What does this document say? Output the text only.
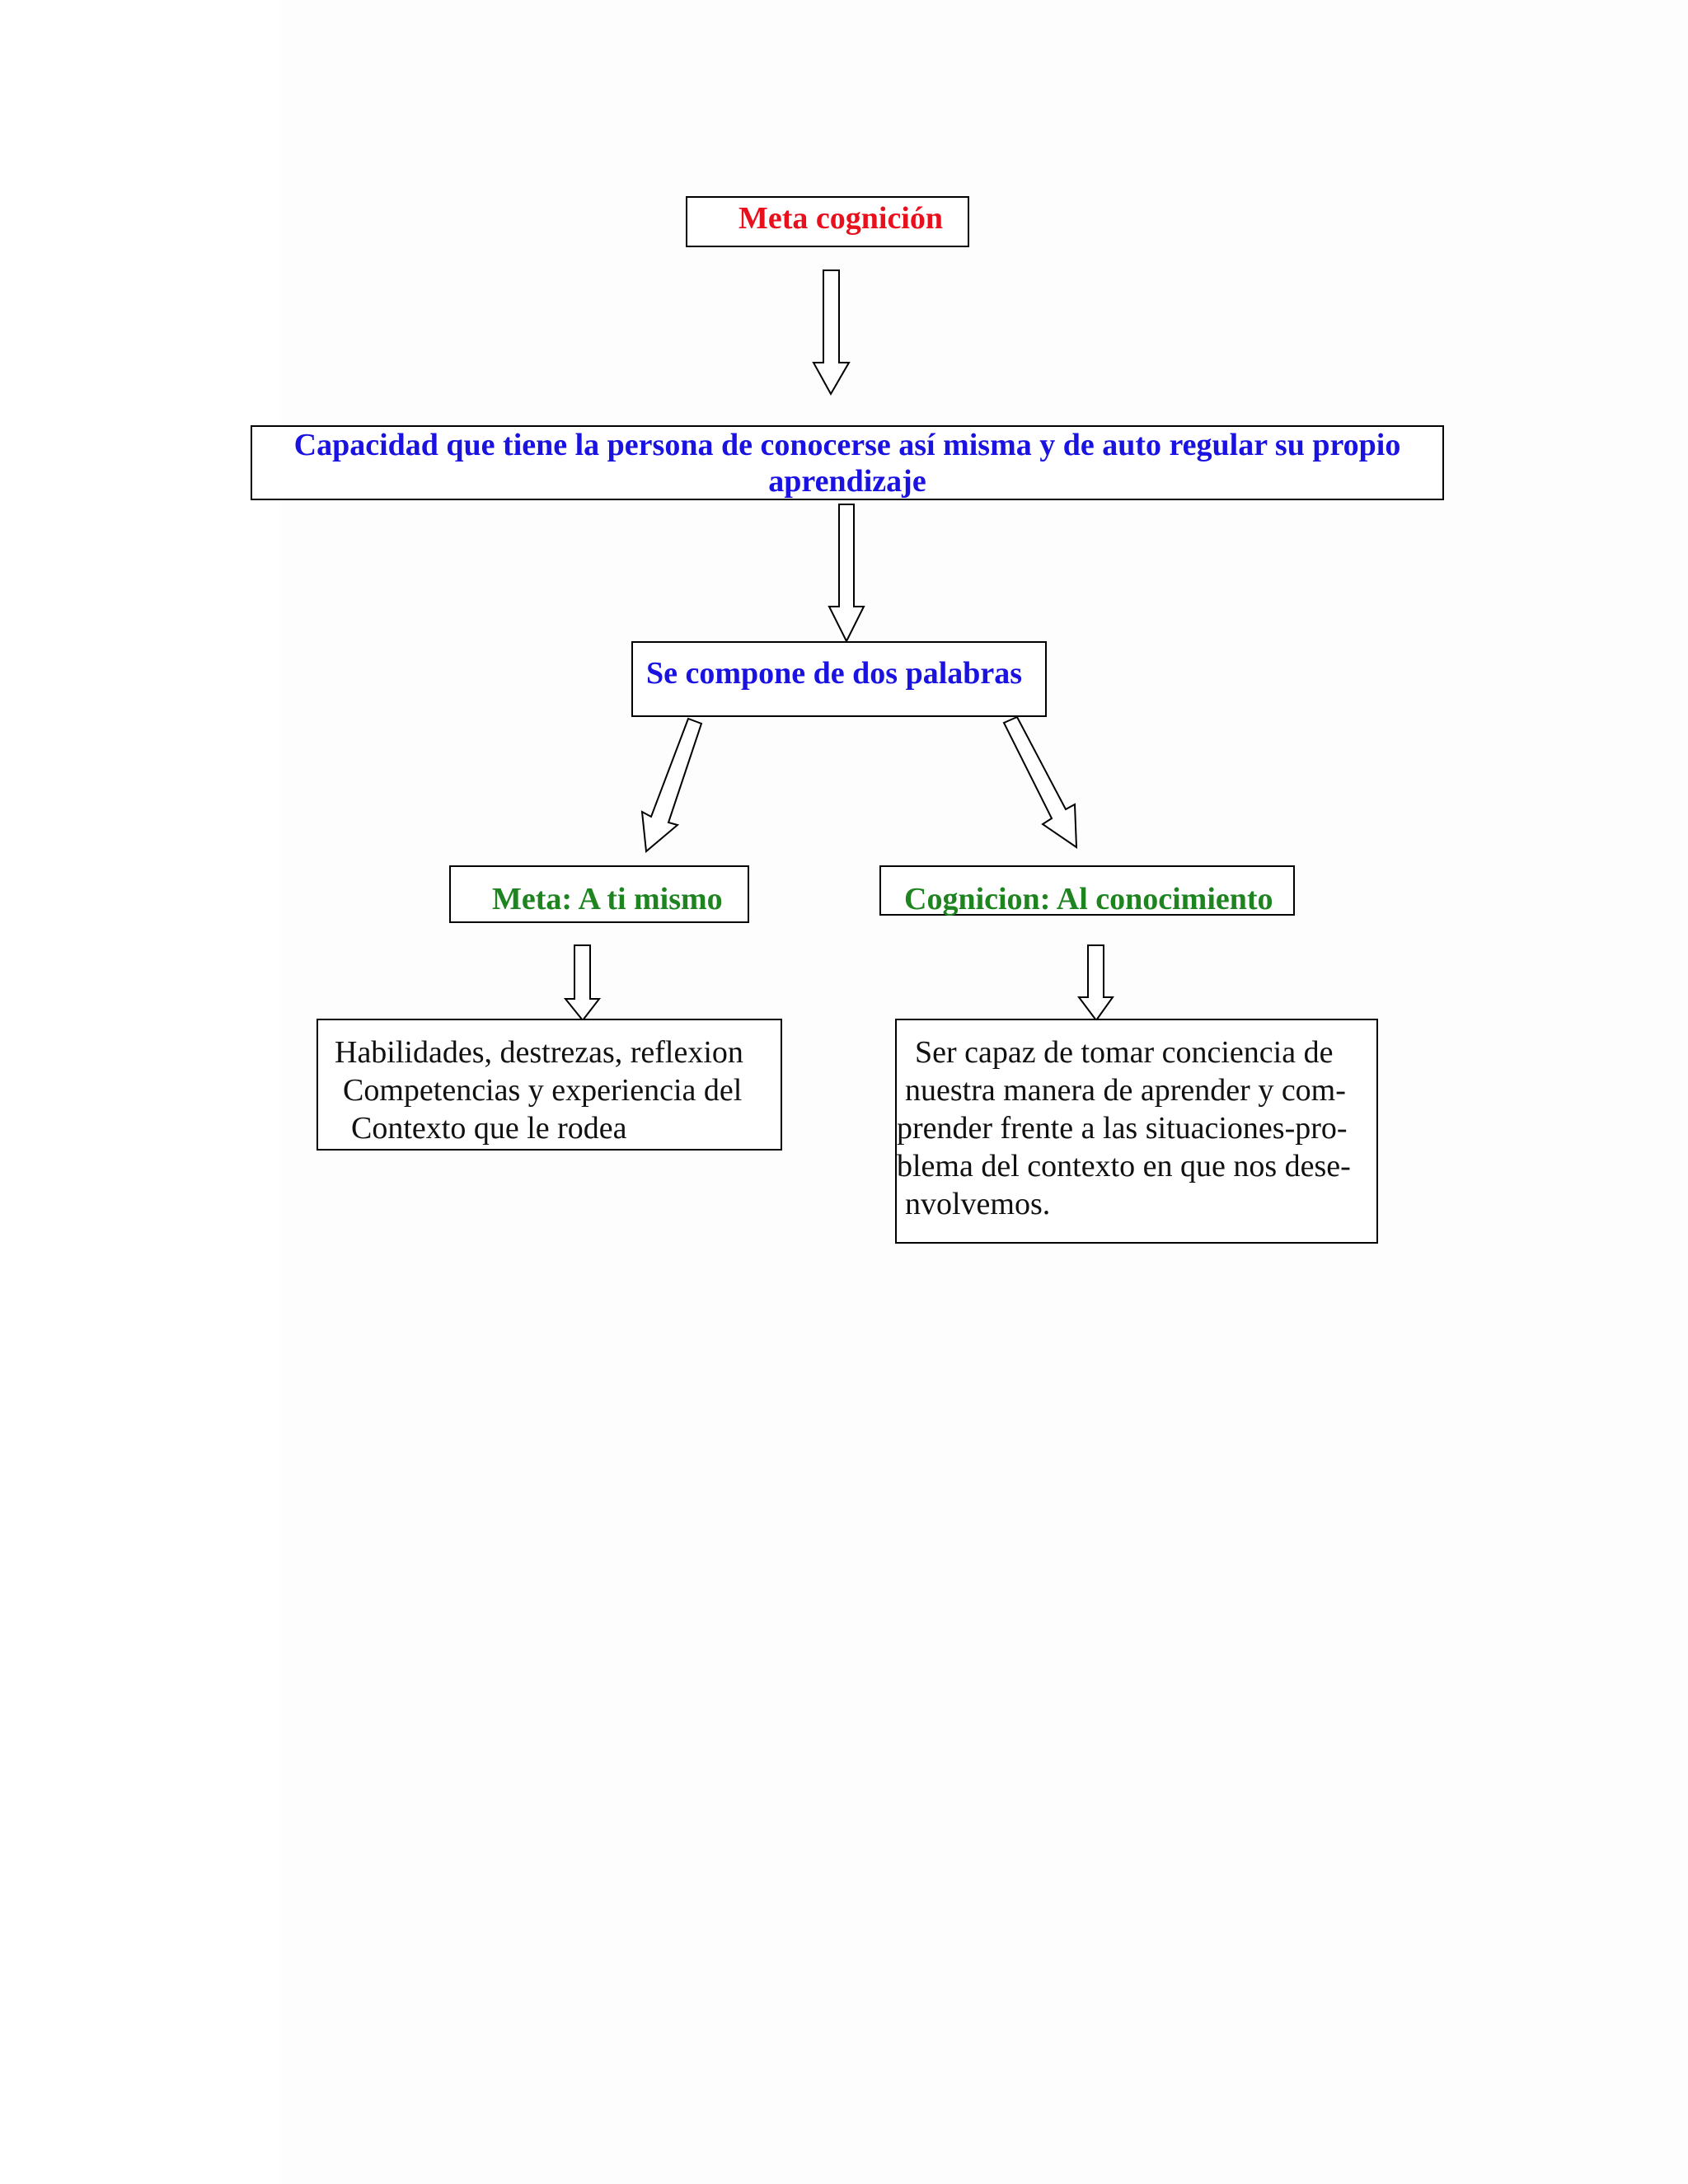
Meta cognición
Capacidad que tiene la persona de conocerse así misma y de auto regular su propio
aprendizaje
Se compone de dos palabras
Meta: A ti mismo	Cognicion: Al conocimiento
Habilidades, destrezas, reflexion
Competencias y experiencia del
Contexto que le rodea
Ser capaz de tomar conciencia de
nuestra manera de aprender y com-
prender frente a las situaciones-pro-
blema del contexto en que nos dese-
nvolvemos.
